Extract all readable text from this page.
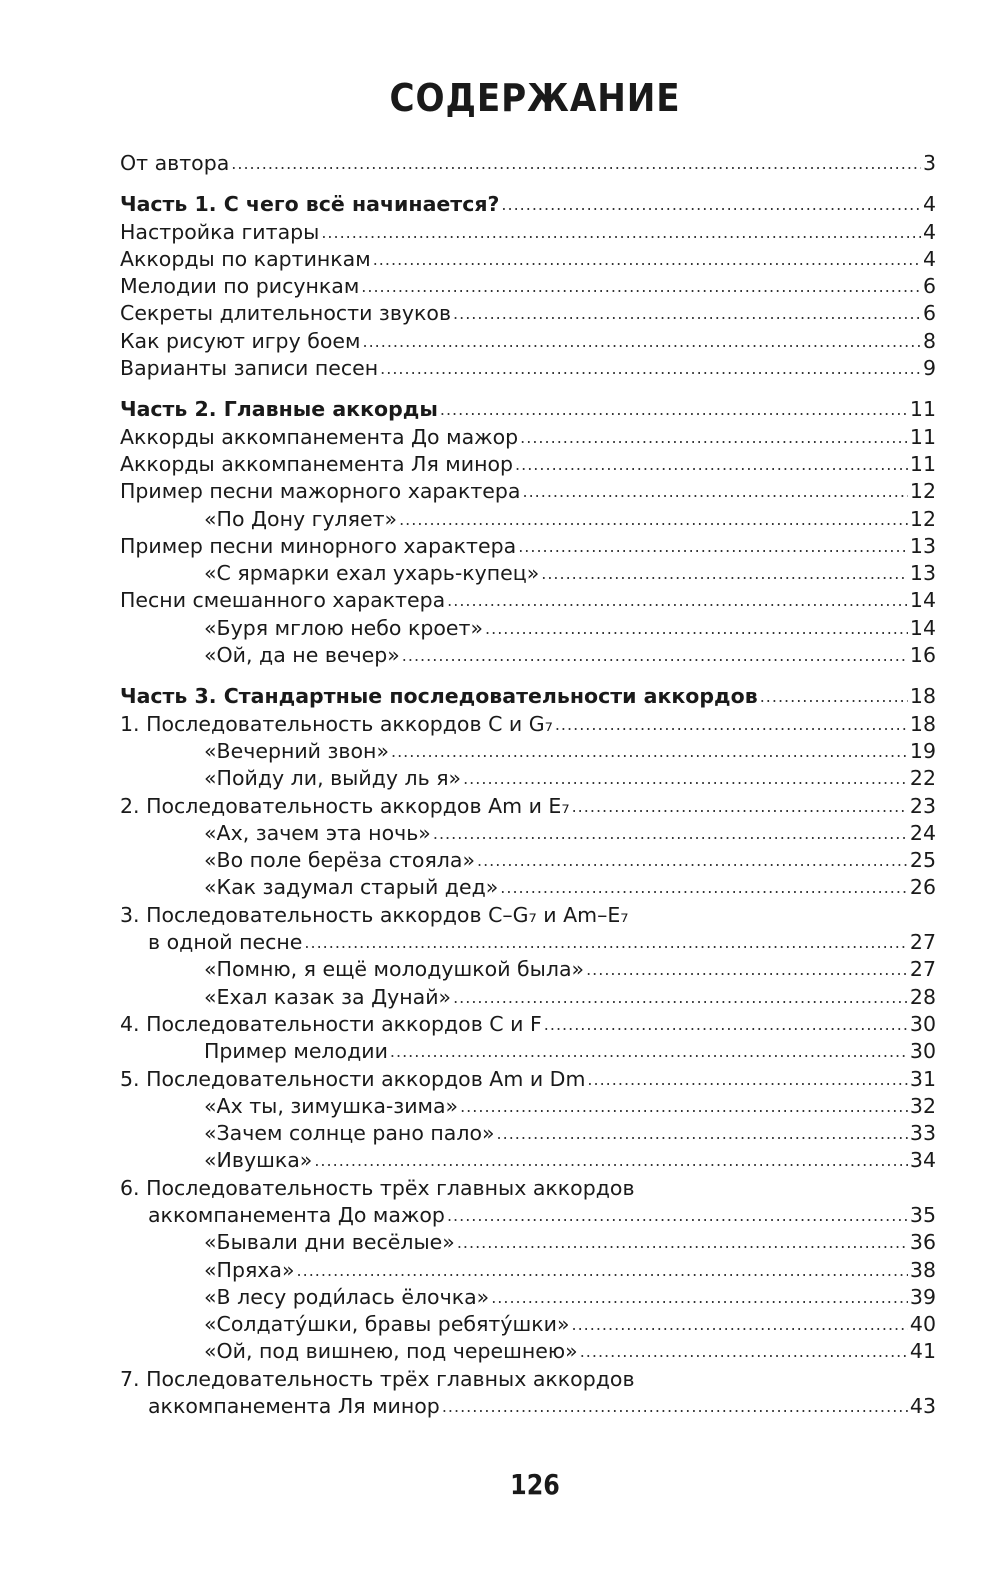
СОДЕРЖАНИЕ
От автора .....	3
Часть 1. С чего всё начинается? .....	4
Настройка гитары .....	4
Аккорды по картинкам .....	4
Мелодии по рисункам .....	6
Секреты длительности звуков .....	6
Как рисуют игру боем .....	8
Варианты записи песен .....	9
Часть 2. Главные аккорды .....	11
Аккорды аккомпанемента До мажор .....	11
Аккорды аккомпанемента Ля минор .....	11
Пример песни мажорного характера .....	12
«По Дону гуляет» .....	12
Пример песни минорного характера .....	13
«С ярмарки ехал ухарь-купец» .....	13
Песни смешанного характера .....	14
«Буря мглою небо кроет» .....	14
«Ой, да не вечер» .....	16
Часть 3. Стандартные последовательности аккордов .....	18
1. Последовательность аккордов C и G₇ .....	18
«Вечерний звон» .....	19
«Пойду ли, выйду ль я» .....	22
2. Последовательность аккордов Am и E₇ .....	23
«Ах, зачем эта ночь» .....	24
«Во поле берёза стояла» .....	25
«Как задумал старый дед» .....	26
3. Последовательность аккордов C–G₇ и Am–E₇
в одной песне .....	27
«Помню, я ещё молодушкой была» .....	27
«Ехал казак за Дунай» .....	28
4. Последовательности аккордов C и F .....	30
Пример мелодии .....	30
5. Последовательности аккордов Am и Dm .....	31
«Ах ты, зимушка-зима» .....	32
«Зачем солнце рано пало» .....	33
«Ивушка» .....	34
6. Последовательность трёх главных аккордов
аккомпанемента До мажор .....	35
«Бывали дни весёлые» .....	36
«Пряха» .....	38
«В лесу роди́лась ёлочка» .....	39
«Солдату́шки, бравы ребяту́шки» .....	40
«Ой, под вишнею, под черешнею» .....	41
7. Последовательность трёх главных аккордов
аккомпанемента Ля минор .....	43
126
